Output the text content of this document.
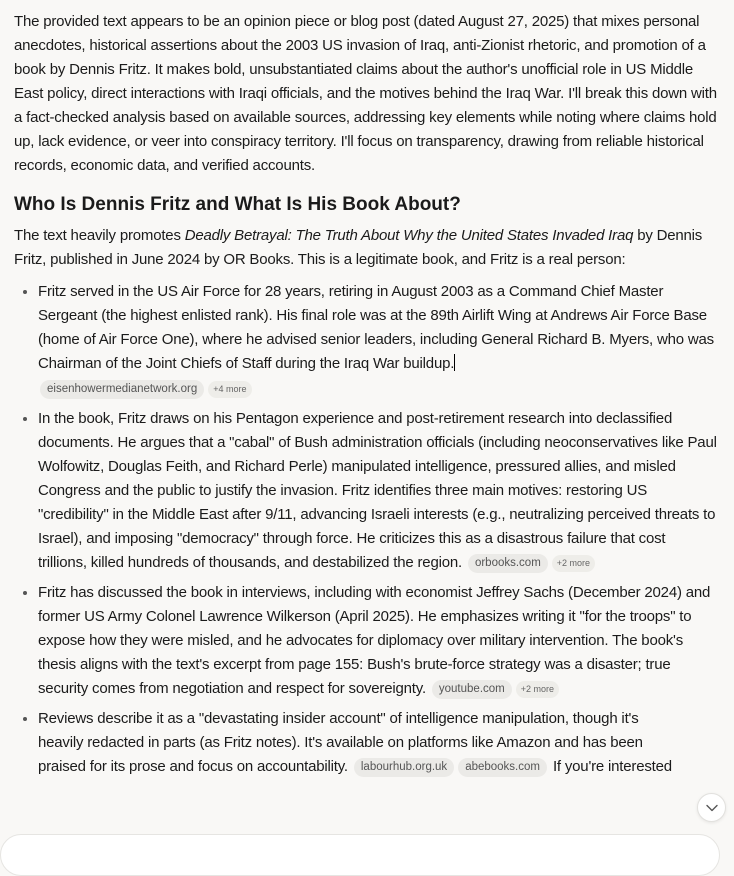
The provided text appears to be an opinion piece or blog post (dated August 27, 2025) that mixes personal anecdotes, historical assertions about the 2003 US invasion of Iraq, anti-Zionist rhetoric, and promotion of a book by Dennis Fritz. It makes bold, unsubstantiated claims about the author's unofficial role in US Middle East policy, direct interactions with Iraqi officials, and the motives behind the Iraq War. I'll break this down with a fact-checked analysis based on available sources, addressing key elements while noting where claims hold up, lack evidence, or veer into conspiracy territory. I'll focus on transparency, drawing from reliable historical records, economic data, and verified accounts.

Who Is Dennis Fritz and What Is His Book About?

The text heavily promotes Deadly Betrayal: The Truth About Why the United States Invaded Iraq by Dennis Fritz, published in June 2024 by OR Books. This is a legitimate book, and Fritz is a real person:

• Fritz served in the US Air Force for 28 years, retiring in August 2003 as a Command Chief Master Sergeant (the highest enlisted rank). His final role was at the 89th Airlift Wing at Andrews Air Force Base (home of Air Force One), where he advised senior leaders, including General Richard B. Myers, who was Chairman of the Joint Chiefs of Staff during the Iraq War buildup.
eisenhowermedianetwork.org +4 more
• In the book, Fritz draws on his Pentagon experience and post-retirement research into declassified documents. He argues that a "cabal" of Bush administration officials (including neoconservatives like Paul Wolfowitz, Douglas Feith, and Richard Perle) manipulated intelligence, pressured allies, and misled Congress and the public to justify the invasion. Fritz identifies three main motives: restoring US "credibility" in the Middle East after 9/11, advancing Israeli interests (e.g., neutralizing perceived threats to Israel), and imposing "democracy" through force. He criticizes this as a disastrous failure that cost trillions, killed hundreds of thousands, and destabilized the region. orbooks.com +2 more
• Fritz has discussed the book in interviews, including with economist Jeffrey Sachs (December 2024) and former US Army Colonel Lawrence Wilkerson (April 2025). He emphasizes writing it "for the troops" to expose how they were misled, and he advocates for diplomacy over military intervention. The book's thesis aligns with the text's excerpt from page 155: Bush's brute-force strategy was a disaster; true security comes from negotiation and respect for sovereignty. youtube.com +2 more
• Reviews describe it as a "devastating insider account" of intelligence manipulation, though it's heavily redacted in parts (as Fritz notes). It's available on platforms like Amazon and has been praised for its prose and focus on accountability. labourhub.org.uk abebooks.com If you're interested
